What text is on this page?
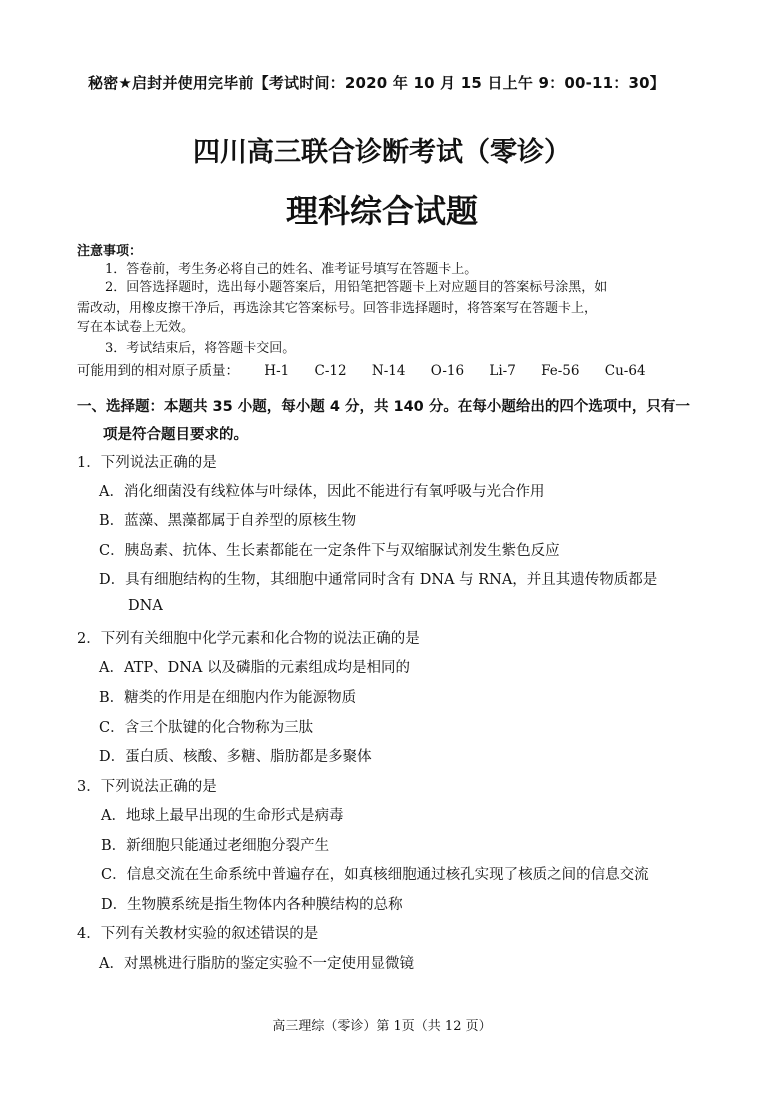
秘密★启封并使用完毕前【考试时间：2020 年 10 月 15 日上午 9：00-11：30】
四川高三联合诊断考试（零诊）
理科综合试题
注意事项：
1．答卷前，考生务必将自己的姓名、准考证号填写在答题卡上。
2．回答选择题时，选出每小题答案后，用铅笔把答题卡上对应题目的答案标号涂黑，如
需改动，用橡皮擦干净后，再选涂其它答案标号。回答非选择题时，将答案写在答题卡上，
写在本试卷上无效。
3．考试结束后，将答题卡交回。
可能用到的相对原子质量： H-1 C-12 N-14 O-16 Li-7 Fe-56 Cu-64
一、选择题：本题共 35 小题，每小题 4 分，共 140 分。在每小题给出的四个选项中，只有一
项是符合题目要求的。
1．下列说法正确的是
A．消化细菌没有线粒体与叶绿体，因此不能进行有氧呼吸与光合作用
B．蓝藻、黑藻都属于自养型的原核生物
C．胰岛素、抗体、生长素都能在一定条件下与双缩脲试剂发生紫色反应
D．具有细胞结构的生物，其细胞中通常同时含有 DNA 与 RNA，并且其遗传物质都是
DNA
2．下列有关细胞中化学元素和化合物的说法正确的是
A．ATP、DNA 以及磷脂的元素组成均是相同的
B．糖类的作用是在细胞内作为能源物质
C．含三个肽键的化合物称为三肽
D．蛋白质、核酸、多糖、脂肪都是多聚体
3．下列说法正确的是
A．地球上最早出现的生命形式是病毒
B．新细胞只能通过老细胞分裂产生
C．信息交流在生命系统中普遍存在，如真核细胞通过核孔实现了核质之间的信息交流
D．生物膜系统是指生物体内各种膜结构的总称
4．下列有关教材实验的叙述错误的是
A．对黑桃进行脂肪的鉴定实验不一定使用显微镜
高三理综（零诊）第 1页（共 12 页）
